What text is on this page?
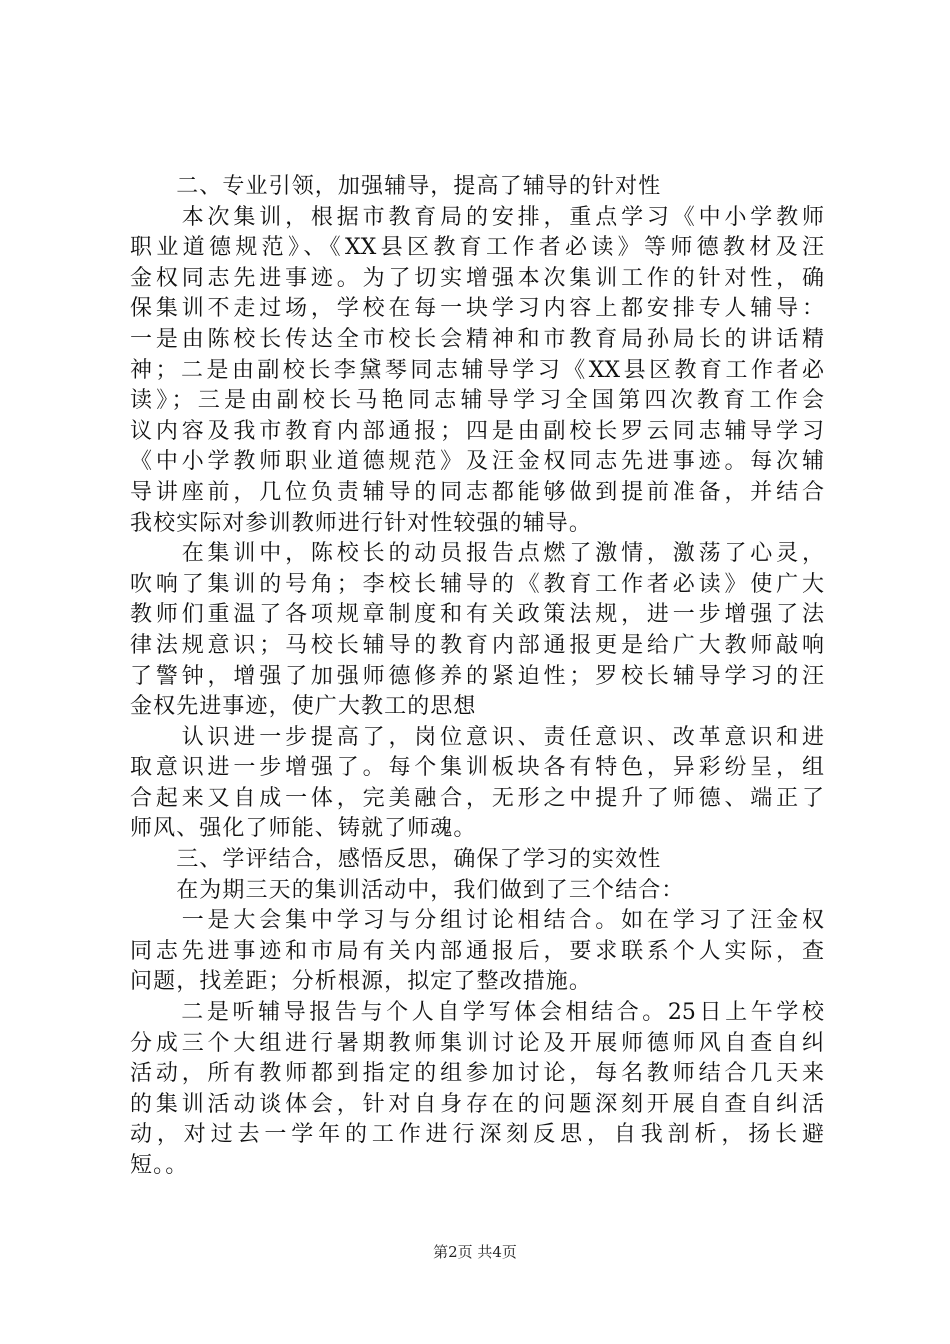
　　二、专业引领，加强辅导，提高了辅导的针对性
　　本次集训，根据市教育局的安排，重点学习《中小学教师
职业道德规范》、《XX县区教育工作者必读》等师德教材及汪
金权同志先进事迹。为了切实增强本次集训工作的针对性，确
保集训不走过场，学校在每一块学习内容上都安排专人辅导：
一是由陈校长传达全市校长会精神和市教育局孙局长的讲话精
神；二是由副校长李黛琴同志辅导学习《XX县区教育工作者必
读》；三是由副校长马艳同志辅导学习全国第四次教育工作会
议内容及我市教育内部通报；四是由副校长罗云同志辅导学习
《中小学教师职业道德规范》及汪金权同志先进事迹。每次辅
导讲座前，几位负责辅导的同志都能够做到提前准备，并结合
我校实际对参训教师进行针对性较强的辅导。
　　在集训中，陈校长的动员报告点燃了激情，激荡了心灵，
吹响了集训的号角；李校长辅导的《教育工作者必读》使广大
教师们重温了各项规章制度和有关政策法规，进一步增强了法
律法规意识；马校长辅导的教育内部通报更是给广大教师敲响
了警钟，增强了加强师德修养的紧迫性；罗校长辅导学习的汪
金权先进事迹，使广大教工的思想
　　认识进一步提高了，岗位意识、责任意识、改革意识和进
取意识进一步增强了。每个集训板块各有特色，异彩纷呈，组
合起来又自成一体，完美融合，无形之中提升了师德、端正了
师风、强化了师能、铸就了师魂。
　　三、学评结合，感悟反思，确保了学习的实效性
　　在为期三天的集训活动中，我们做到了三个结合：
　　一是大会集中学习与分组讨论相结合。如在学习了汪金权
同志先进事迹和市局有关内部通报后，要求联系个人实际，查
问题，找差距；分析根源，拟定了整改措施。
　　二是听辅导报告与个人自学写体会相结合。25日上午学校
分成三个大组进行暑期教师集训讨论及开展师德师风自查自纠
活动，所有教师都到指定的组参加讨论，每名教师结合几天来
的集训活动谈体会，针对自身存在的问题深刻开展自查自纠活
动，对过去一学年的工作进行深刻反思，自我剖析，扬长避
短。。
第2页 共4页
